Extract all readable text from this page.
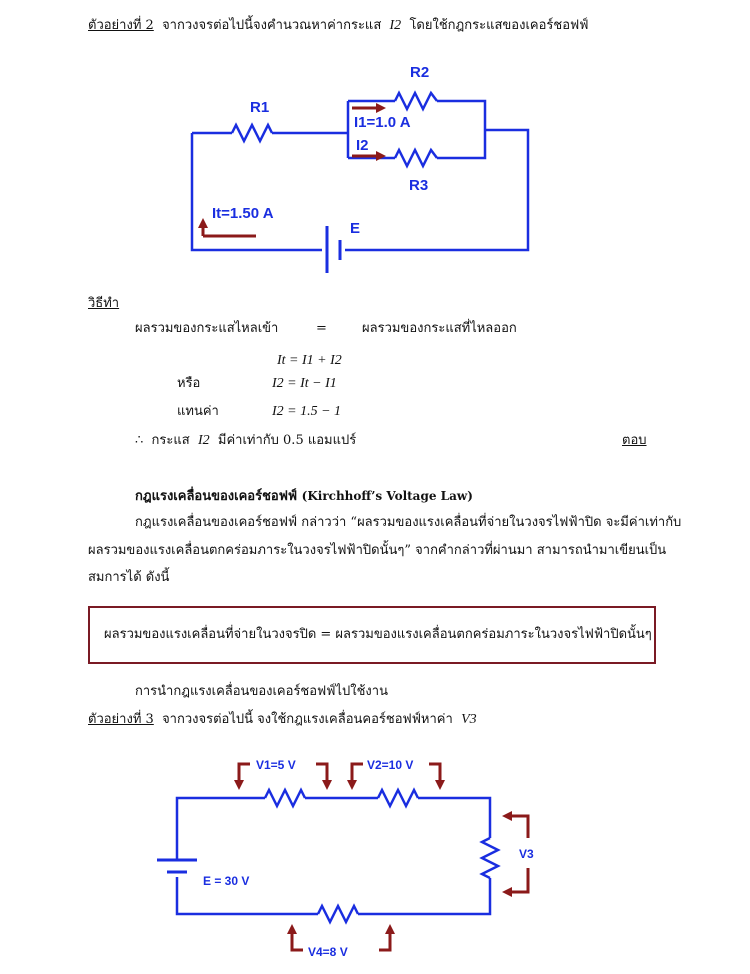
ตัวอย่างที่ 2 จากวงจรต่อไปนี้จงคำนวณหาค่ากระแส I2 โดยใช้กฎกระแสของเคอร์ชอฟฟ์
R1
R2
R3
I1=1.0 A
I2
It=1.50 A
E
วิธีทำ
ผลรวมของกระแสไหลเข้า	=	ผลรวมของกระแสที่ไหลออก
It = I1 + I2
หรือ	I2 = It − I1
แทนค่า	I2 = 1.5 − 1
∴ กระแส I2 มีค่าเท่ากับ 0.5 แอมแปร์	ตอบ
กฎแรงเคลื่อนของเคอร์ชอฟฟ์ (Kirchhoff’s Voltage Law)
กฎแรงเคลื่อนของเคอร์ชอฟฟ์ กล่าวว่า “ผลรวมของแรงเคลื่อนที่จ่ายในวงจรไฟฟ้าปิด จะมีค่าเท่ากับ
ผลรวมของแรงเคลื่อนตกคร่อมภาระในวงจรไฟฟ้าปิดนั้นๆ” จากคำกล่าวที่ผ่านมา สามารถนำมาเขียนเป็น
สมการได้ ดังนี้
ผลรวมของแรงเคลื่อนที่จ่ายในวงจรปิด = ผลรวมของแรงเคลื่อนตกคร่อมภาระในวงจรไฟฟ้าปิดนั้นๆ
การนำกฎแรงเคลื่อนของเคอร์ชอฟฟ์ไปใช้งาน
ตัวอย่างที่ 3 จากวงจรต่อไปนี้ จงใช้กฎแรงเคลื่อนคอร์ชอฟฟ์หาค่า V3
V1=5 V	V2=10 V
V3
V4=8 V
E = 30 V
